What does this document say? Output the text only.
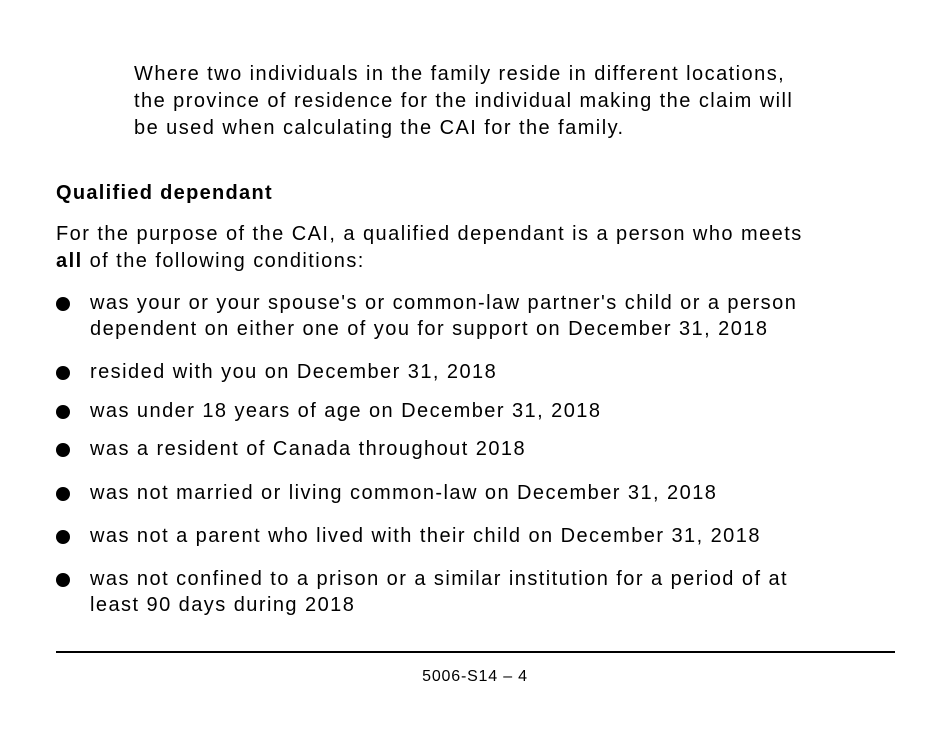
Where two individuals in the family reside in different locations,
the province of residence for the individual making the claim will
be used when calculating the CAI for the family.
Qualified dependant
For the purpose of the CAI, a qualified dependant is a person who meets
all of the following conditions:
was your or your spouse's or common-law partner's child or a person
dependent on either one of you for support on December 31, 2018
resided with you on December 31, 2018
was under 18 years of age on December 31, 2018
was a resident of Canada throughout 2018
was not married or living common-law on December 31, 2018
was not a parent who lived with their child on December 31, 2018
was not confined to a prison or a similar institution for a period of at
least 90 days during 2018
5006-S14 – 4
